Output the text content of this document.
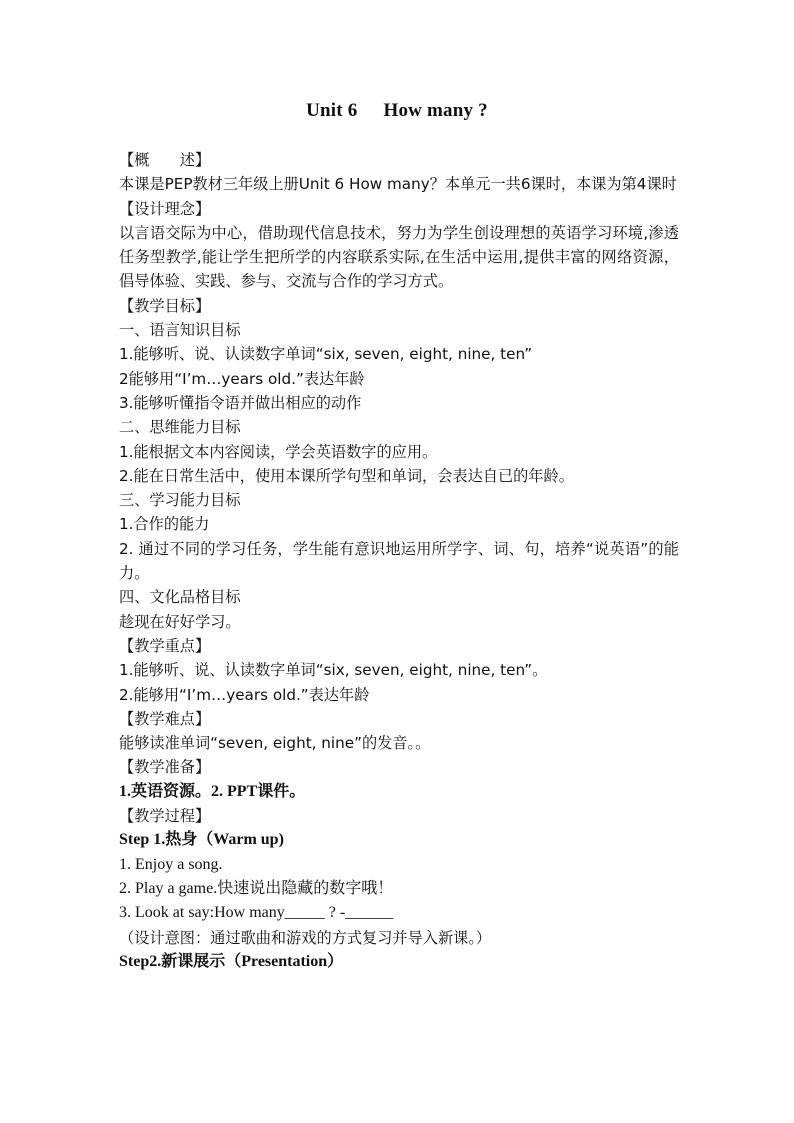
Unit 6 How many ?

【概　　述】

本课是PEP教材三年级上册Unit 6 How many？本单元一共6课时，本课为第4课时

【设计理念】

以言语交际为中心，借助现代信息技术，努力为学生创设理想的英语学习环境,渗透任务型教学,能让学生把所学的内容联系实际,在生活中运用,提供丰富的网络资源，倡导体验、实践、参与、交流与合作的学习方式。

【教学目标】

一、语言知识目标

1.能够听、说、认读数字单词“six, seven, eight, nine, ten”

2能够用“I’m…years old.”表达年龄

3.能够听懂指令语并做出相应的动作

二、思维能力目标

1.能根据文本内容阅读，学会英语数字的应用。

2.能在日常生活中，使用本课所学句型和单词，会表达自已的年龄。

三、学习能力目标

1.合作的能力

2. 通过不同的学习任务，学生能有意识地运用所学字、词、句，培养“说英语”的能力。

四、文化品格目标

趁现在好好学习。

【教学重点】

1.能够听、说、认读数字单词“six, seven, eight, nine, ten”。

2.能够用“I’m…years old.”表达年龄

【教学难点】

能够读准单词“seven, eight, nine”的发音。。

【教学准备】

1.英语资源。2. PPT课件。

【教学过程】

Step 1.热身（Warm up)

1. Enjoy a song.

2. Play a game.快速说出隐藏的数字哦！

3. Look at say:How many_____ ? -______

（设计意图：通过歌曲和游戏的方式复习并导入新课。）

Step2.新课展示（Presentation）
